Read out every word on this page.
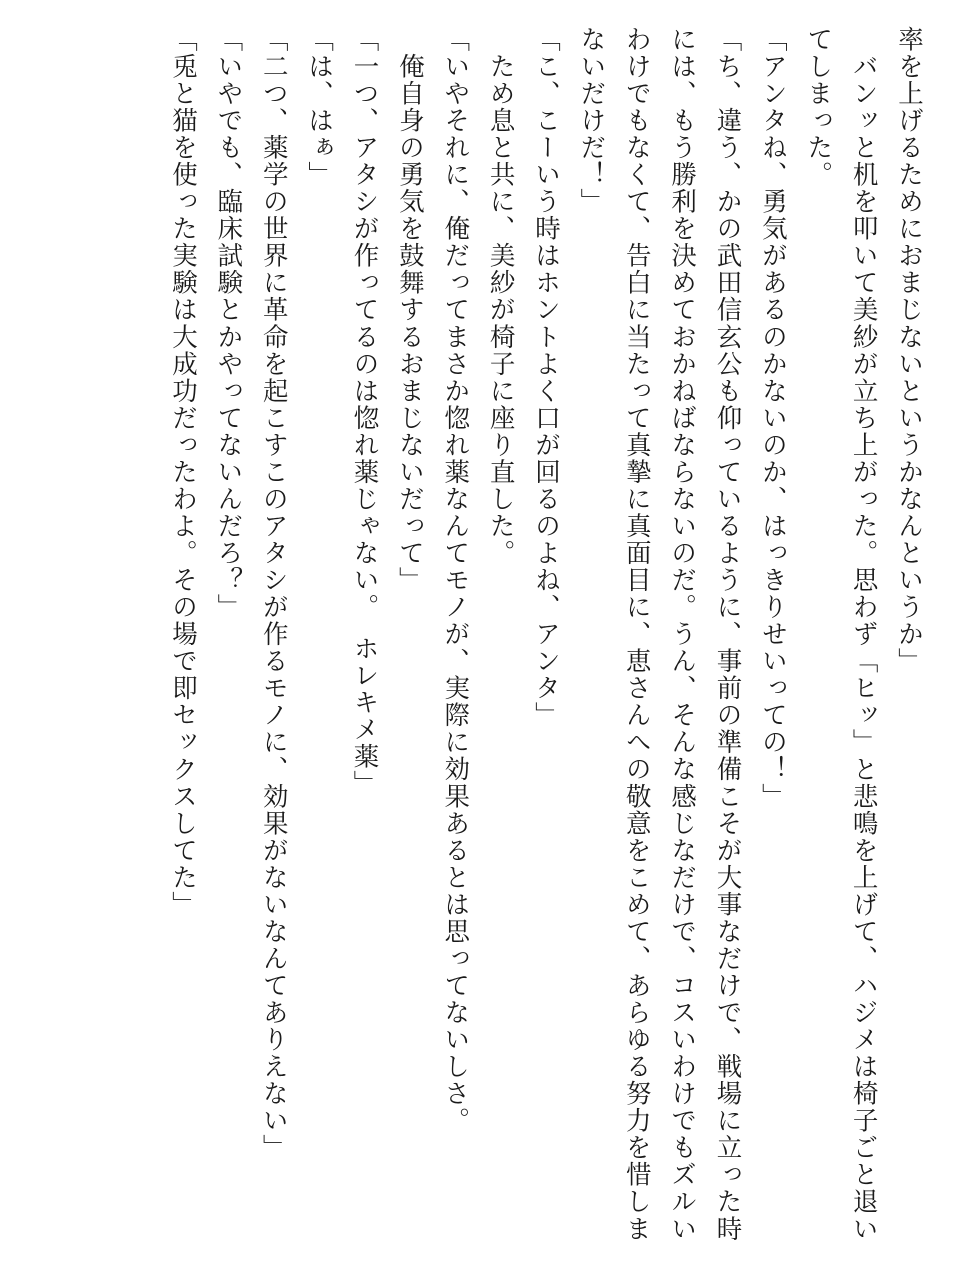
率を上げるためにおまじないというかなんというか」

　バンッと机を叩いて美紗が立ち上がった。思わず「ヒッ」と悲鳴を上げて、ハジメは椅子ごと退いてしまった。

「アンタね、勇気があるのかないのか、はっきりせいっての！」

「ち、違う、かの武田信玄公も仰っているように、事前の準備こそが大事なだけで、戦場に立った時には、もう勝利を決めておかねばならないのだ。うん、そんな感じなだけで、コスいわけでもズルいわけでもなくて、告白に当たって真摯に真面目に、恵さんへの敬意をこめて、あらゆる努力を惜しまないだけだ！」

「こ、こーいう時はホントよく口が回るのよね、アンタ」

　ため息と共に、美紗が椅子に座り直した。

「いやそれに、俺だってまさか惚れ薬なんてモノが、実際に効果あるとは思ってないしさ。

　俺自身の勇気を鼓舞するおまじないだって」

「一つ、アタシが作ってるのは惚れ薬じゃない。　ホレキメ薬」

「は、はぁ」

「二つ、薬学の世界に革命を起こすこのアタシが作るモノに、効果がないなんてありえない」

「いやでも、臨床試験とかやってないんだろ？」

「兎と猫を使った実験は大成功だったわよ。その場で即セックスしてた」
